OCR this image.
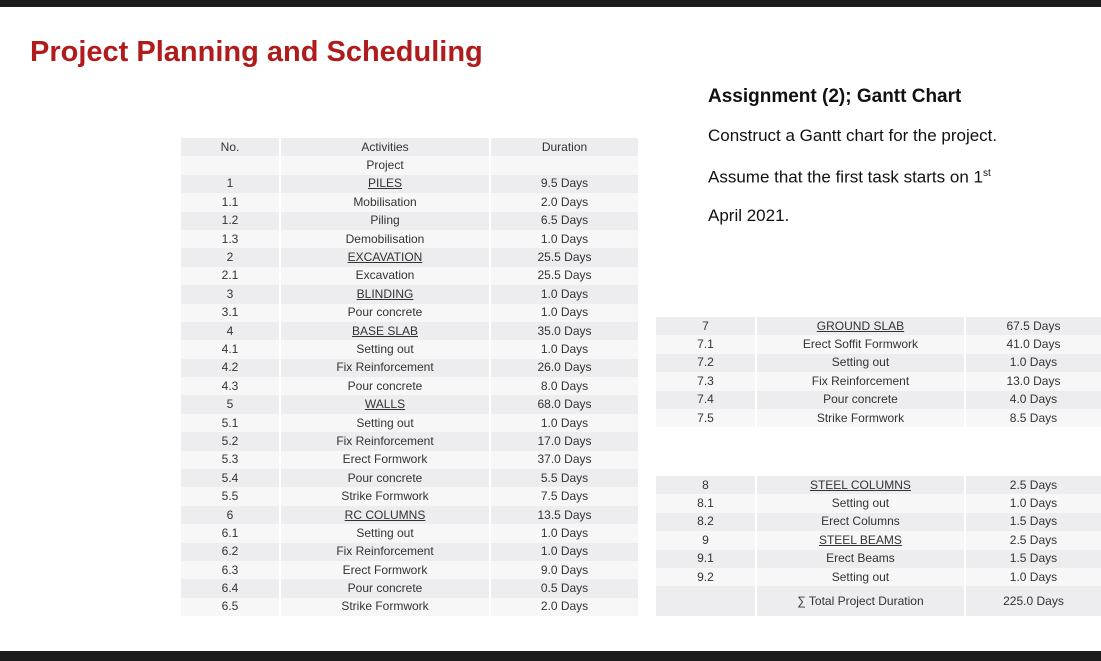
Project Planning and Scheduling
Assignment (2); Gantt Chart

Construct a Gantt chart for the project.

Assume that the first task starts on 1st

April 2021.

No.	Activities	Duration
	Project	
1	PILES	9.5 Days
1.1	Mobilisation	2.0 Days
1.2	Piling	6.5 Days
1.3	Demobilisation	1.0 Days
2	EXCAVATION	25.5 Days
2.1	Excavation	25.5 Days
3	BLINDING	1.0 Days
3.1	Pour concrete	1.0 Days
4	BASE SLAB	35.0 Days
4.1	Setting out	1.0 Days
4.2	Fix Reinforcement	26.0 Days
4.3	Pour concrete	8.0 Days
5	WALLS	68.0 Days
5.1	Setting out	1.0 Days
5.2	Fix Reinforcement	17.0 Days
5.3	Erect Formwork	37.0 Days
5.4	Pour concrete	5.5 Days
5.5	Strike Formwork	7.5 Days
6	RC COLUMNS	13.5 Days
6.1	Setting out	1.0 Days
6.2	Fix Reinforcement	1.0 Days
6.3	Erect Formwork	9.0 Days
6.4	Pour concrete	0.5 Days
6.5	Strike Formwork	2.0 Days
7	GROUND SLAB	67.5 Days
7.1	Erect Soffit Formwork	41.0 Days
7.2	Setting out	1.0 Days
7.3	Fix Reinforcement	13.0 Days
7.4	Pour concrete	4.0 Days
7.5	Strike Formwork	8.5 Days
8	STEEL COLUMNS	2.5 Days
8.1	Setting out	1.0 Days
8.2	Erect Columns	1.5 Days
9	STEEL BEAMS	2.5 Days
9.1	Erect Beams	1.5 Days
9.2	Setting out	1.0 Days
	∑ Total Project Duration	225.0 Days
